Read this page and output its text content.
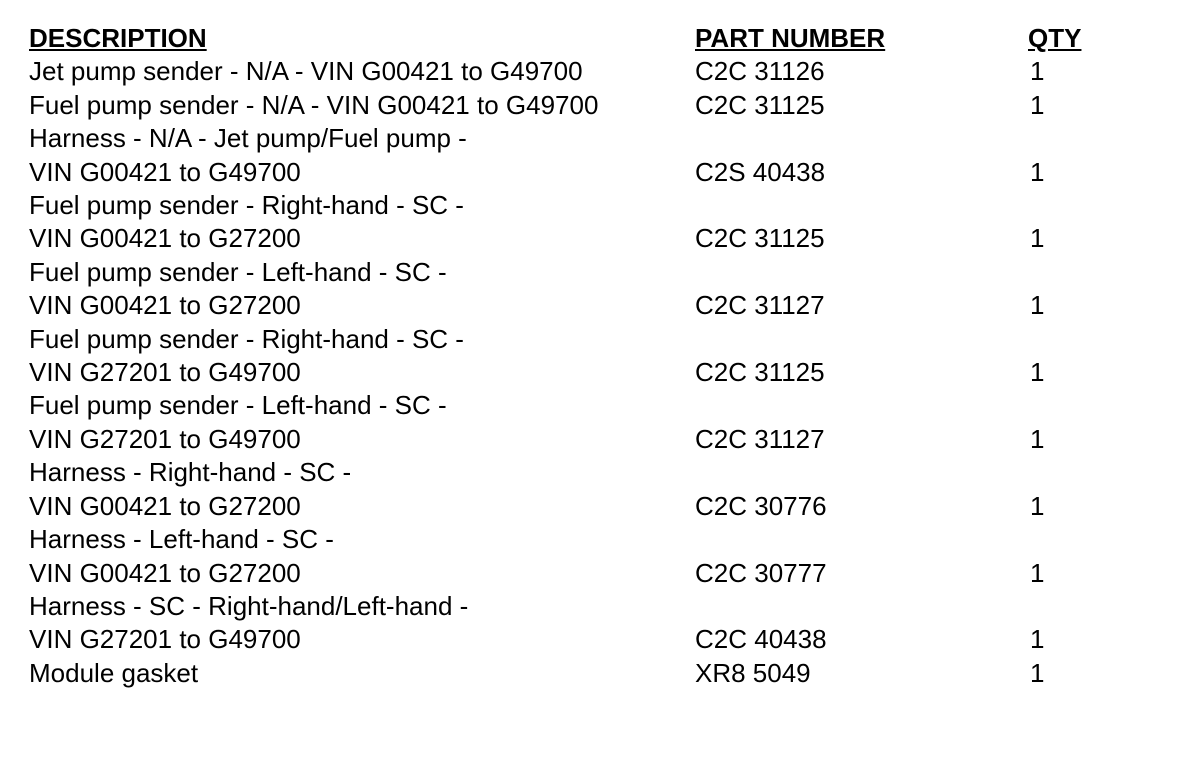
DESCRIPTION	PART NUMBER	QTY

Jet pump sender - N/A - VIN G00421 to G49700	C2C 31126	1

Fuel pump sender - N/A - VIN G00421 to G49700	C2C 31125	1

Harness - N/A - Jet pump/Fuel pump -
VIN G00421 to G49700	C2S 40438	1

Fuel pump sender - Right-hand - SC -
VIN G00421 to G27200	C2C 31125	1

Fuel pump sender - Left-hand - SC -
VIN G00421 to G27200	C2C 31127	1

Fuel pump sender - Right-hand - SC -
VIN G27201 to G49700	C2C 31125	1

Fuel pump sender - Left-hand - SC -
VIN G27201 to G49700	C2C 31127	1

Harness - Right-hand - SC -
VIN G00421 to G27200	C2C 30776	1

Harness - Left-hand - SC -
VIN G00421 to G27200	C2C 30777	1

Harness - SC - Right-hand/Left-hand -
VIN G27201 to G49700	C2C 40438	1

Module gasket	XR8 5049	1
